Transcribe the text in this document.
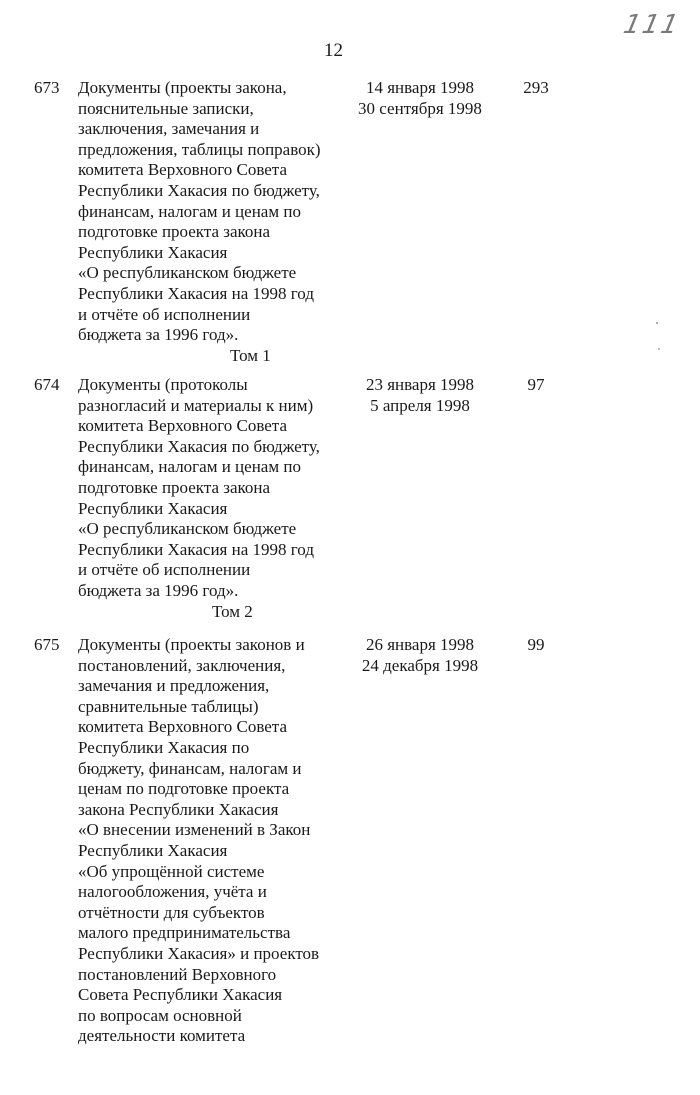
12
111
673 Документы (проекты закона,
пояснительные записки,
заключения, замечания и
предложения, таблицы поправок)
комитета Верховного Совета
Республики Хакасия по бюджету,
финансам, налогам и ценам по
подготовке проекта закона
Республики Хакасия
«О республиканском бюджете
Республики Хакасия на 1998 год
и отчёте об исполнении
бюджета за 1996 год».
Том 1
14 января 1998
30 сентября 1998
293
674 Документы (протоколы
разногласий и материалы к ним)
комитета Верховного Совета
Республики Хакасия по бюджету,
финансам, налогам и ценам по
подготовке проекта закона
Республики Хакасия
«О республиканском бюджете
Республики Хакасия на 1998 год
и отчёте об исполнении
бюджета за 1996 год».
Том 2
23 января 1998
5 апреля 1998
97
675 Документы (проекты законов и
постановлений, заключения,
замечания и предложения,
сравнительные таблицы)
комитета Верховного Совета
Республики Хакасия по
бюджету, финансам, налогам и
ценам по подготовке проекта
закона Республики Хакасия
«О внесении изменений в Закон
Республики Хакасия
«Об упрощённой системе
налогообложения, учёта и
отчётности для субъектов
малого предпринимательства
Республики Хакасия» и проектов
постановлений Верховного
Совета Республики Хакасия
по вопросам основной
деятельности комитета
26 января 1998
24 декабря 1998
99
